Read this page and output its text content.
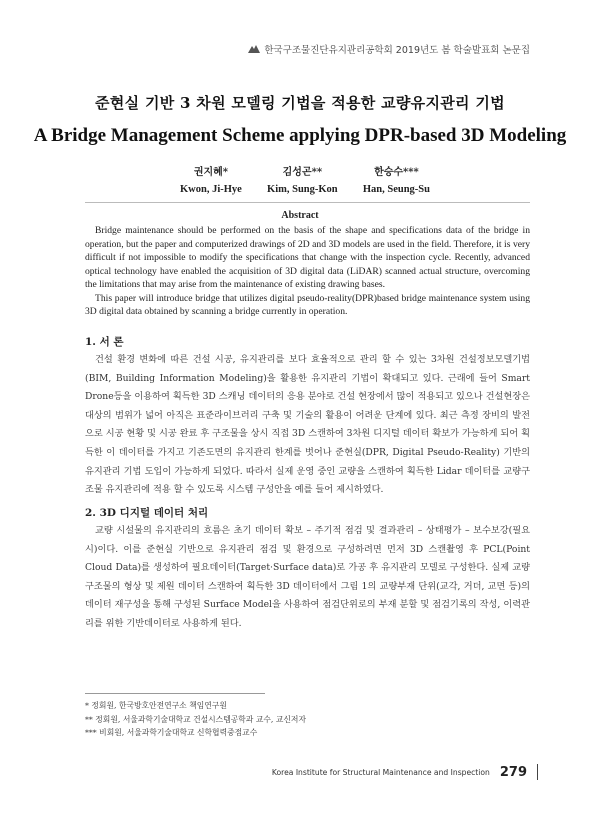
한국구조물진단유지관리공학회 2019년도 봄 학술발표회 논문집
준현실 기반 3 차원 모델링 기법을 적용한 교량유지관리 기법
A Bridge Management Scheme applying DPR-based 3D Modeling
권지혜*
Kwon, Ji-Hye
김성곤**
Kim, Sung-Kon
한승수***
Han, Seung-Su
Abstract

Bridge maintenance should be performed on the basis of the shape and specifications data of the bridge in operation, but the paper and computerized drawings of 2D and 3D models are used in the field. Therefore, it is very difficult if not impossible to modify the specifications that change with the inspection cycle. Recently, advanced optical technology have enabled the acquisition of 3D digital data (LiDAR) scanned actual structure, overcoming the limitations that may arise from the maintenance of existing drawing bases.

This paper will introduce bridge that utilizes digital pseudo-reality(DPR)based bridge maintenance system using 3D digital data obtained by scanning a bridge currently in operation.

1. 서 론

건설 환경 변화에 따른 건설 시공, 유지관리를 보다 효율적으로 관리 할 수 있는 3차원 건설정보모델기법(BIM, Building Information Modeling)을 활용한 유지관리 기법이 확대되고 있다. 근래에 들어 Smart Drone등을 이용하여 획득한 3D 스캐닝 데이터의 응용 분야로 건설 현장에서 많이 적용되고 있으나 건설현장은 대상의 범위가 넓어 아직은 표준라이브러리 구축 및 기술의 활용이 어려운 단계에 있다. 최근 측정 장비의 발전으로 시공 현황 및 시공 완료 후 구조물을 상시 직접 3D 스캔하여 3차원 디지털 데이터 확보가 가능하게 되어 획득한 이 데이터를 가지고 기존도면의 유지관리 한계를 벗어나 준현실(DPR, Digital Pseudo-Reality) 기반의 유지관리 기법 도입이 가능하게 되었다. 따라서 실제 운영 중인 교량을 스캔하여 획득한 Lidar 데이터를 교량구조물 유지관리에 적용 할 수 있도록 시스템 구성안을 예를 들어 제시하였다.

2. 3D 디지털 데이터 처리

교량 시설물의 유지관리의 흐름은 초기 데이터 확보 – 주기적 점검 및 결과관리 – 상태평가 – 보수보강(필요시)이다. 이를 준현실 기반으로 유지관리 점검 및 환경으로 구성하려면 먼저 3D 스캔촬영 후 PCL(Point Cloud Data)를 생성하여 필요데이터(Target·Surface data)로 가공 후 유지관리 모델로 구성한다. 실제 교량 구조물의 형상 및 제원 데이터 스캔하여 획득한 3D 데이터에서 그림 1의 교량부재 단위(교각, 거더, 교면 등)의 데이터 재구성을 통해 구성된 Surface Model을 사용하여 점검단위로의 부재 분할 및 점검기록의 작성, 이력관리를 위한 기반데이터로 사용하게 된다.

* 정회원, 한국방호안전연구소 책임연구원
** 정회원, 서울과학기술대학교 건설시스템공학과 교수, 교신저자
*** 비회원, 서울과학기술대학교 신학협력중점교수
Korea Institute for Structural Maintenance and Inspection 279
